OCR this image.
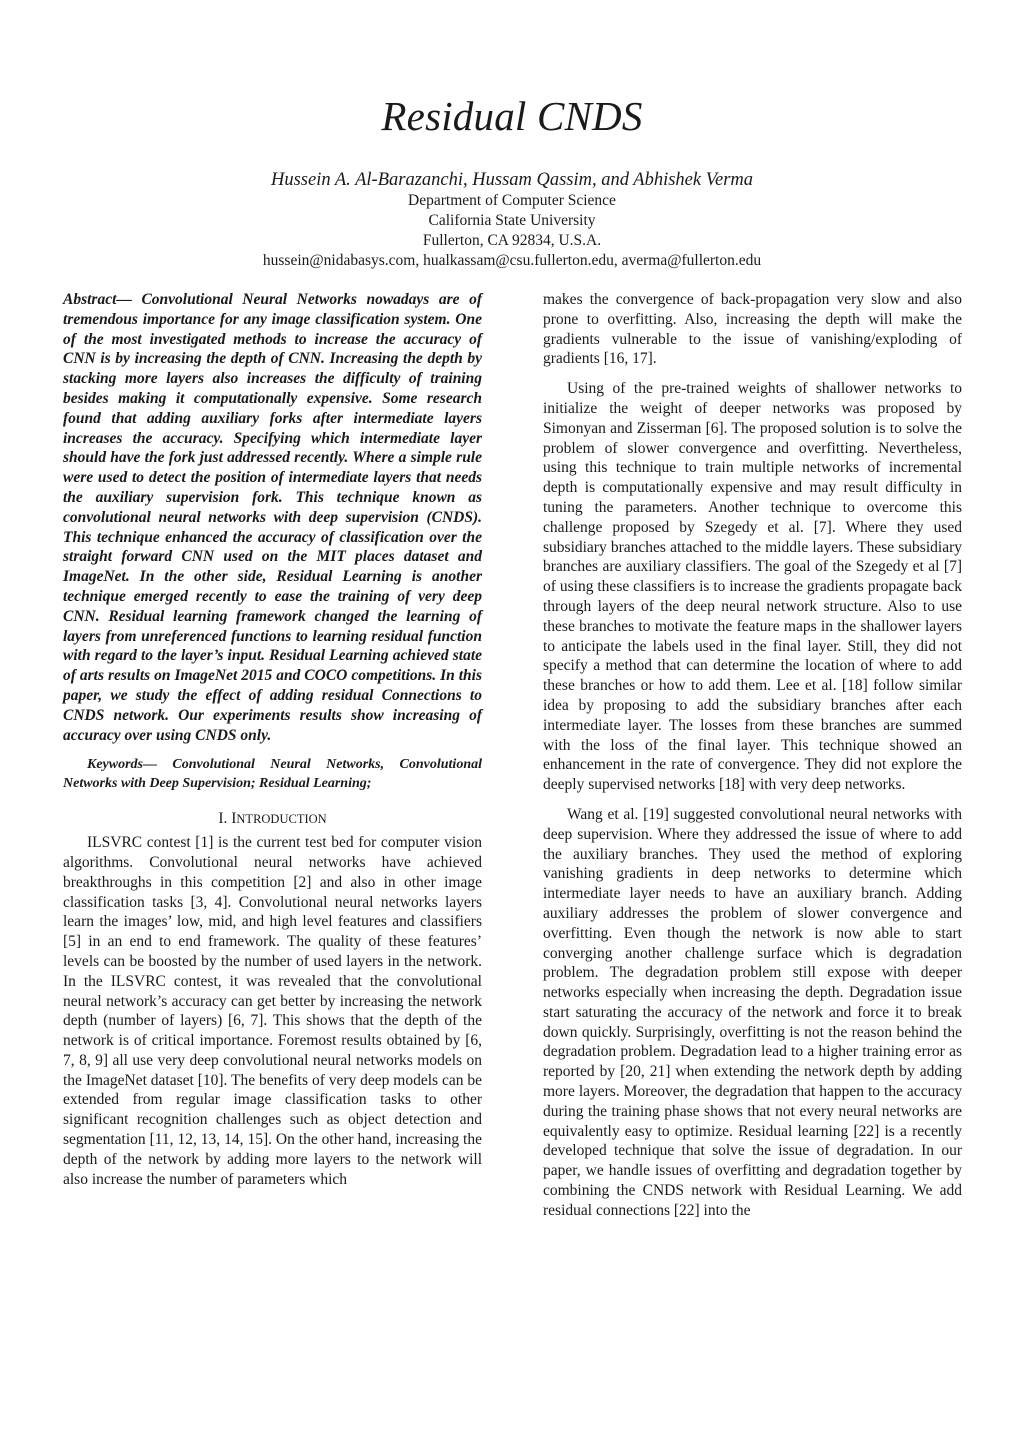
Residual CNDS
Hussein A. Al-Barazanchi, Hussam Qassim, and Abhishek Verma
Department of Computer Science
California State University
Fullerton, CA 92834, U.S.A.
hussein@nidabasys.com, hualkassam@csu.fullerton.edu, averma@fullerton.edu

Abstract— Convolutional Neural Networks nowadays are of tremendous importance for any image classification system. One of the most investigated methods to increase the accuracy of CNN is by increasing the depth of CNN. Increasing the depth by stacking more layers also increases the difficulty of training besides making it computationally expensive. Some research found that adding auxiliary forks after intermediate layers increases the accuracy. Specifying which intermediate layer should have the fork just addressed recently. Where a simple rule were used to detect the position of intermediate layers that needs the auxiliary supervision fork. This technique known as convolutional neural networks with deep supervision (CNDS). This technique enhanced the accuracy of classification over the straight forward CNN used on the MIT places dataset and ImageNet. In the other side, Residual Learning is another technique emerged recently to ease the training of very deep CNN. Residual learning framework changed the learning of layers from unreferenced functions to learning residual function with regard to the layer’s input. Residual Learning achieved state of arts results on ImageNet 2015 and COCO competitions. In this paper, we study the effect of adding residual Connections to CNDS network. Our experiments results show increasing of accuracy over using CNDS only.

Keywords— Convolutional Neural Networks, Convolutional Networks with Deep Supervision; Residual Learning;

I. INTRODUCTION

ILSVRC contest [1] is the current test bed for computer vision algorithms. Convolutional neural networks have achieved breakthroughs in this competition [2] and also in other image classification tasks [3, 4]. Convolutional neural networks layers learn the images’ low, mid, and high level features and classifiers [5] in an end to end framework. The quality of these features’ levels can be boosted by the number of used layers in the network. In the ILSVRC contest, it was revealed that the convolutional neural network’s accuracy can get better by increasing the network depth (number of layers) [6, 7]. This shows that the depth of the network is of critical importance. Foremost results obtained by [6, 7, 8, 9] all use very deep convolutional neural networks models on the ImageNet dataset [10]. The benefits of very deep models can be extended from regular image classification tasks to other significant recognition challenges such as object detection and segmentation [11, 12, 13, 14, 15]. On the other hand, increasing the depth of the network by adding more layers to the network will also increase the number of parameters which

makes the convergence of back-propagation very slow and also prone to overfitting. Also, increasing the depth will make the gradients vulnerable to the issue of vanishing/exploding of gradients [16, 17].

Using of the pre-trained weights of shallower networks to initialize the weight of deeper networks was proposed by Simonyan and Zisserman [6]. The proposed solution is to solve the problem of slower convergence and overfitting. Nevertheless, using this technique to train multiple networks of incremental depth is computationally expensive and may result difficulty in tuning the parameters. Another technique to overcome this challenge proposed by Szegedy et al. [7]. Where they used subsidiary branches attached to the middle layers. These subsidiary branches are auxiliary classifiers. The goal of the Szegedy et al [7] of using these classifiers is to increase the gradients propagate back through layers of the deep neural network structure. Also to use these branches to motivate the feature maps in the shallower layers to anticipate the labels used in the final layer. Still, they did not specify a method that can determine the location of where to add these branches or how to add them. Lee et al. [18] follow similar idea by proposing to add the subsidiary branches after each intermediate layer. The losses from these branches are summed with the loss of the final layer. This technique showed an enhancement in the rate of convergence. They did not explore the deeply supervised networks [18] with very deep networks.

Wang et al. [19] suggested convolutional neural networks with deep supervision. Where they addressed the issue of where to add the auxiliary branches. They used the method of exploring vanishing gradients in deep networks to determine which intermediate layer needs to have an auxiliary branch. Adding auxiliary addresses the problem of slower convergence and overfitting. Even though the network is now able to start converging another challenge surface which is degradation problem. The degradation problem still expose with deeper networks especially when increasing the depth. Degradation issue start saturating the accuracy of the network and force it to break down quickly. Surprisingly, overfitting is not the reason behind the degradation problem. Degradation lead to a higher training error as reported by [20, 21] when extending the network depth by adding more layers. Moreover, the degradation that happen to the accuracy during the training phase shows that not every neural networks are equivalently easy to optimize. Residual learning [22] is a recently developed technique that solve the issue of degradation. In our paper, we handle issues of overfitting and degradation together by combining the CNDS network with Residual Learning. We add residual connections [22] into the
